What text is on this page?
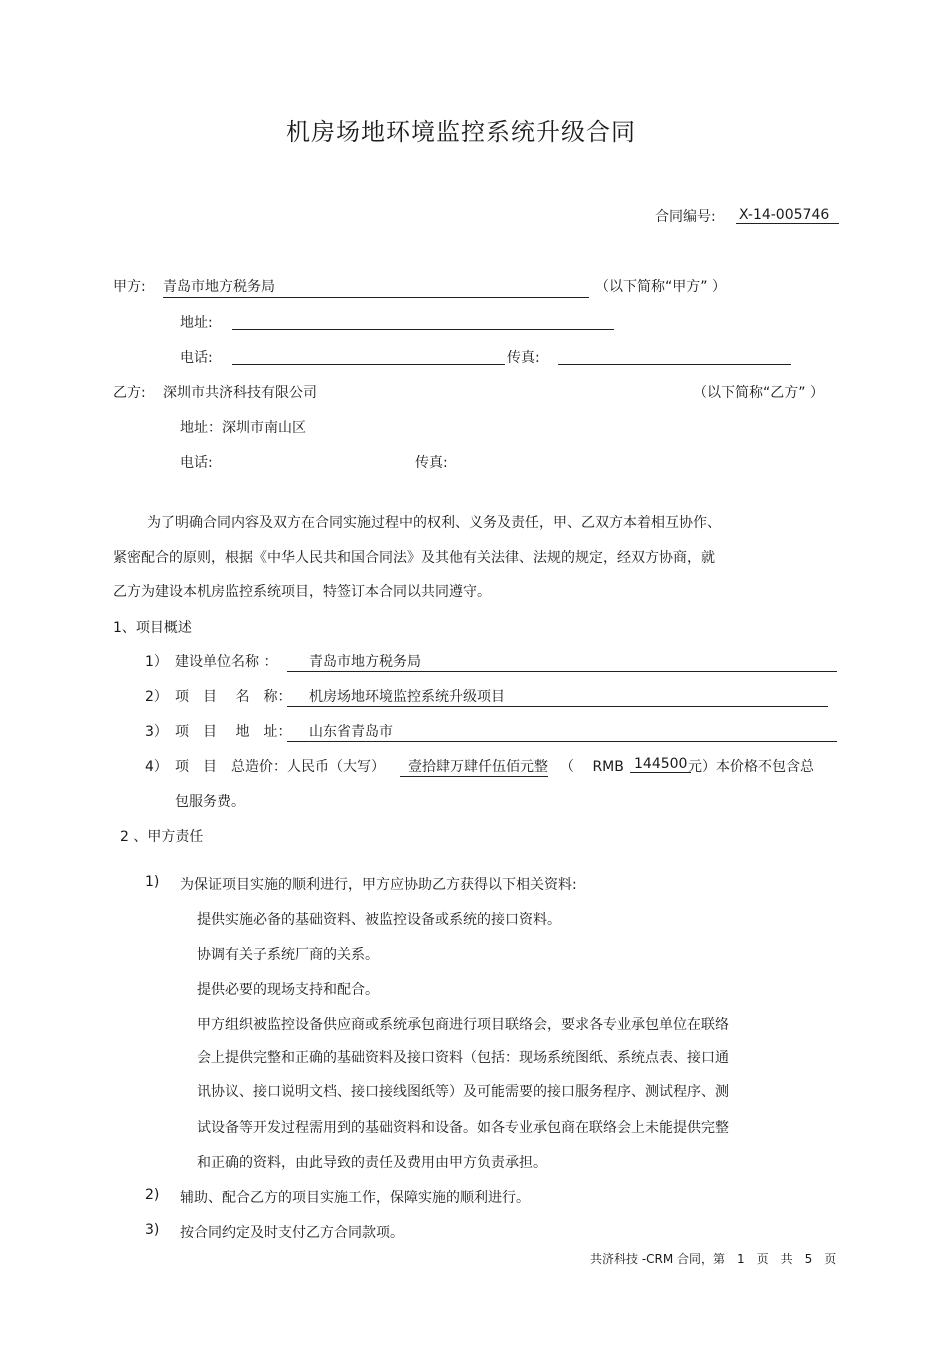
机房场地环境监控系统升级合同
合同编号: X-14-005746
甲方: 青岛市地方税务局	（以下简称“甲方” ）
地址:
电话:	传真:
乙方: 深圳市共济科技有限公司	（以下简称“乙方” ）
地址：深圳市南山区
电话:	传真:
为了明确合同内容及双方在合同实施过程中的权利、义务及责任，甲、乙双方本着相互协作、
紧密配合的原则，根据《中华人民共和国合同法》及其他有关法律、法规的规定，经双方协商，就
乙方为建设本机房监控系统项目，特签订本合同以共同遵守。
1、项目概述
1） 建设单位名称 ：	青岛市地方税务局
2） 项　目　 名　称：	机房场地环境监控系统升级项目
3） 项　目　 地　址：	山东省青岛市
4） 项　目　总造价：人民币（大写）	壹拾肆万肆仟伍佰元整 （　 RMB 144500 元）本价格不包含总
包服务费。
2 、甲方责任
1) 为保证项目实施的顺利进行，甲方应协助乙方获得以下相关资料:
提供实施必备的基础资料、被监控设备或系统的接口资料。
协调有关子系统厂商的关系。
提供必要的现场支持和配合。
甲方组织被监控设备供应商或系统承包商进行项目联络会，要求各专业承包单位在联络
会上提供完整和正确的基础资料及接口资料（包括：现场系统图纸、系统点表、接口通
讯协议、接口说明文档、接口接线图纸等）及可能需要的接口服务程序、测试程序、测
试设备等开发过程需用到的基础资料和设备。如各专业承包商在联络会上未能提供完整
和正确的资料，由此导致的责任及费用由甲方负责承担。
2) 辅助、配合乙方的项目实施工作，保障实施的顺利进行。
3) 按合同约定及时支付乙方合同款项。
共济科技 -CRM 合同，第　1　页　共　5　页
